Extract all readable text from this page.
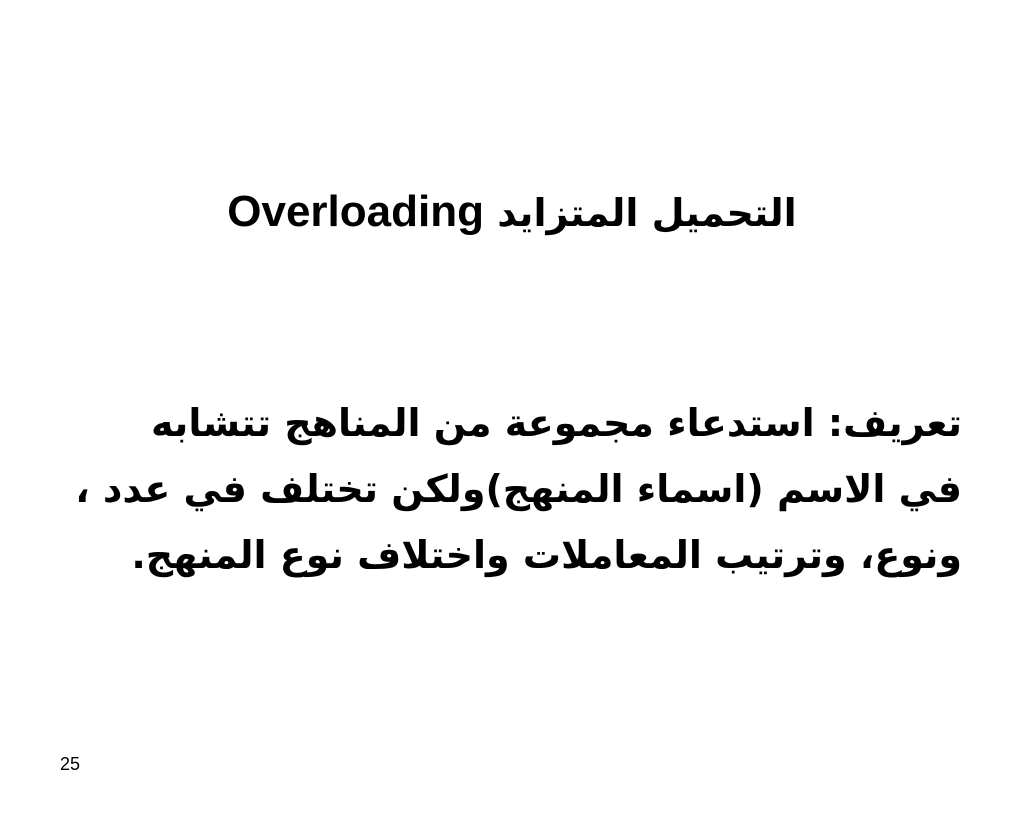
التحميل المتزايد Overloading
تعريف: استدعاء مجموعة من المناهج تتشابه
في الاسم (اسماء المنهج)ولكن تختلف في عدد ،
ونوع، وترتيب المعاملات واختلاف نوع المنهج.
25
